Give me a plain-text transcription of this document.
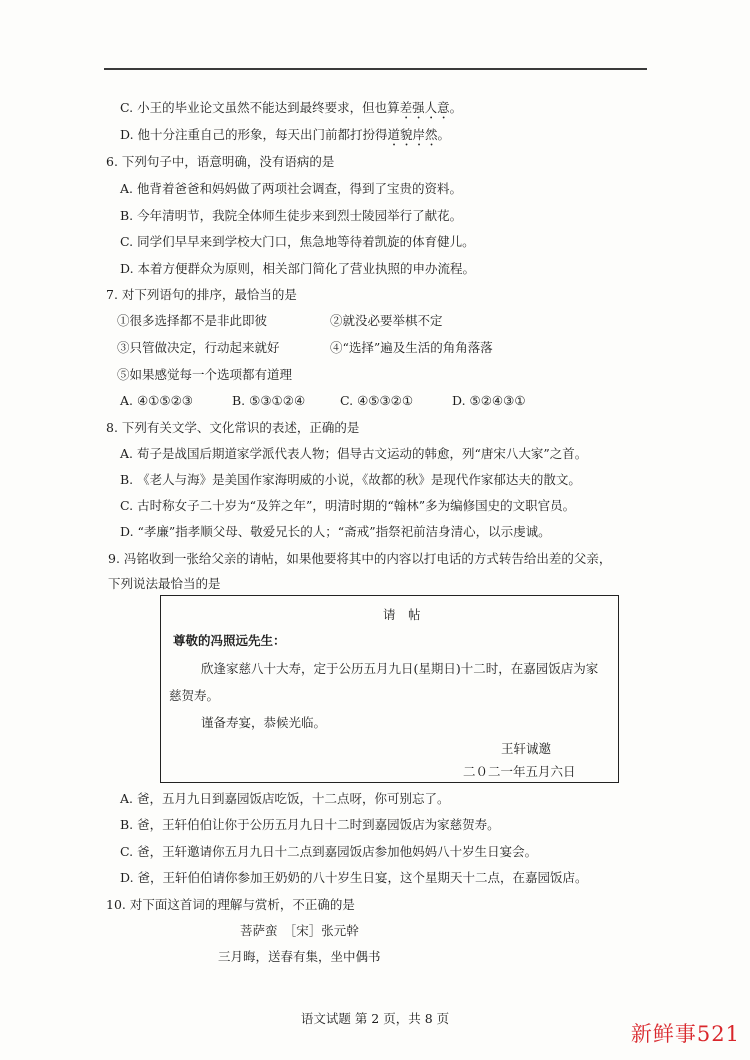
C. 小王的毕业论文虽然不能达到最终要求，但也算差强人意。
D. 他十分注重自己的形象，每天出门前都打扮得道貌岸然。
6. 下列句子中，语意明确，没有语病的是
A. 他背着爸爸和妈妈做了两项社会调查，得到了宝贵的资料。
B. 今年清明节，我院全体师生徒步来到烈士陵园举行了献花。
C. 同学们早早来到学校大门口，焦急地等待着凯旋的体育健儿。
D. 本着方便群众为原则，相关部门简化了营业执照的申办流程。
7. 对下列语句的排序，最恰当的是
①很多选择都不是非此即彼	②就没必要举棋不定
③只管做决定，行动起来就好	④“选择”遍及生活的角角落落
⑤如果感觉每一个选项都有道理
A. ④①⑤②③	B. ⑤③①②④	C. ④⑤③②①	D. ⑤②④③①
8. 下列有关文学、文化常识的表述，正确的是
A. 荀子是战国后期道家学派代表人物；倡导古文运动的韩愈，列“唐宋八大家”之首。
B. 《老人与海》是美国作家海明威的小说，《故都的秋》是现代作家郁达夫的散文。
C. 古时称女子二十岁为“及笄之年”，明清时期的“翰林”多为编修国史的文职官员。
D. “孝廉”指孝顺父母、敬爱兄长的人；“斋戒”指祭祀前洁身清心，以示虔诚。
9. 冯铭收到一张给父亲的请帖，如果他要将其中的内容以打电话的方式转告给出差的父亲，
下列说法最恰当的是
请　帖
尊敬的冯照远先生：
欣逢家慈八十大寿，定于公历五月九日(星期日)十二时，在嘉园饭店为家
慈贺寿。
谨备寿宴，恭候光临。
王轩诚邀
二０二一年五月六日
A. 爸，五月九日到嘉园饭店吃饭，十二点呀，你可别忘了。
B. 爸，王轩伯伯让你于公历五月九日十二时到嘉园饭店为家慈贺寿。
C. 爸，王轩邀请你五月九日十二点到嘉园饭店参加他妈妈八十岁生日宴会。
D. 爸，王轩伯伯请你参加王奶奶的八十岁生日宴，这个星期天十二点，在嘉园饭店。
10. 对下面这首词的理解与赏析，不正确的是
菩萨蛮　［宋］张元幹
三月晦，送春有集，坐中偶书
语文试题 第 2 页，共 8 页
新鲜事521
